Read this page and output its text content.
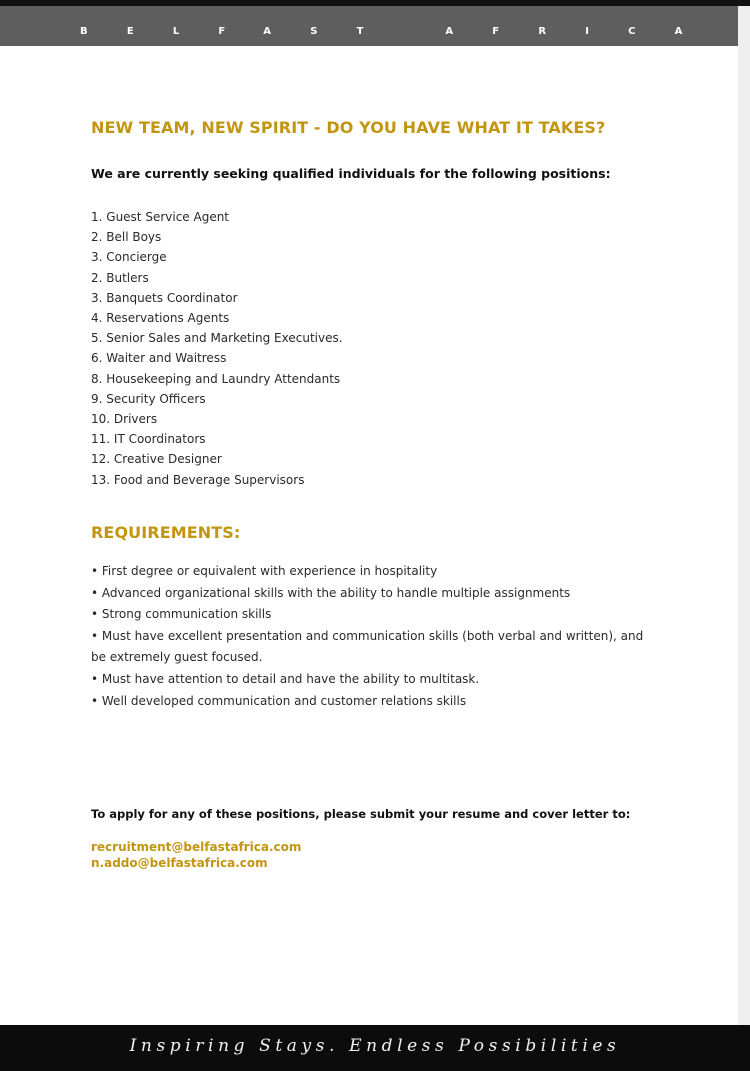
BELFAST AFRICA
NEW TEAM, NEW SPIRIT - DO YOU HAVE WHAT IT TAKES?

We are currently seeking qualified individuals for the following positions:

1. Guest Service Agent
2. Bell Boys
3. Concierge
2. Butlers
3. Banquets Coordinator
4. Reservations Agents
5. Senior Sales and Marketing Executives.
6. Waiter and Waitress
8. Housekeeping and Laundry Attendants
9. Security Officers
10. Drivers
11. IT Coordinators
12. Creative Designer
13. Food and Beverage Supervisors
REQUIREMENTS:
• First degree or equivalent with experience in hospitality
• Advanced organizational skills with the ability to handle multiple assignments
• Strong communication skills
• Must have excellent presentation and communication skills (both verbal and written), and be extremely guest focused.
• Must have attention to detail and have the ability to multitask.
• Well developed communication and customer relations skills

To apply for any of these positions, please submit your resume and cover letter to:

recruitment@belfastafrica.com
n.addo@belfastafrica.com

Inspiring Stays. Endless Possibilities
